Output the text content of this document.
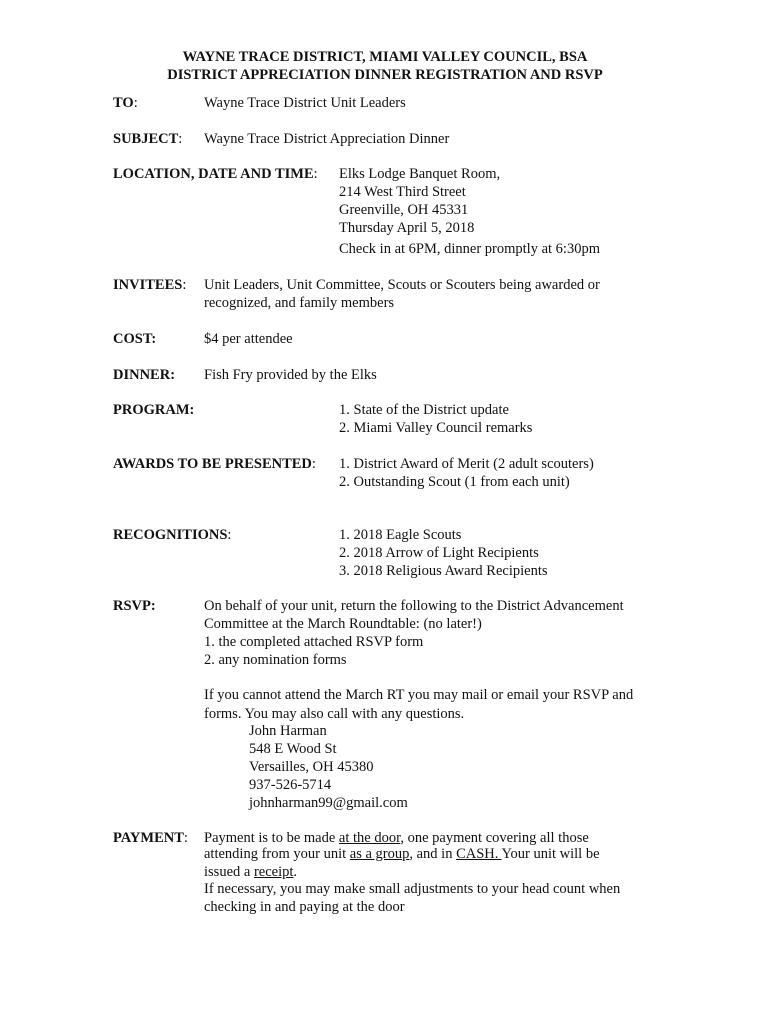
WAYNE TRACE DISTRICT, MIAMI VALLEY COUNCIL, BSA
DISTRICT APPRECIATION DINNER REGISTRATION AND RSVP
TO:	Wayne Trace District Unit Leaders
SUBJECT: Wayne Trace District Appreciation Dinner
LOCATION, DATE AND TIME: Elks Lodge Banquet Room,
214 West Third Street
Greenville, OH 45331
Thursday April 5, 2018
Check in at 6PM, dinner promptly at 6:30pm
INVITEES: Unit Leaders, Unit Committee, Scouts or Scouters being awarded or
recognized, and family members
COST:	$4 per attendee
DINNER: Fish Fry provided by the Elks
PROGRAM:	1. State of the District update
2. Miami Valley Council remarks
AWARDS TO BE PRESENTED: 1. District Award of Merit (2 adult scouters)
2. Outstanding Scout (1 from each unit)
RECOGNITIONS:	1. 2018 Eagle Scouts
2. 2018 Arrow of Light Recipients
3. 2018 Religious Award Recipients
RSVP:	On behalf of your unit, return the following to the District Advancement
Committee at the March Roundtable: (no later!)
1. the completed attached RSVP form
2. any nomination forms
If you cannot attend the March RT you may mail or email your RSVP and
forms. You may also call with any questions.
John Harman
548 E Wood St
Versailles, OH 45380
937-526-5714
johnharman99@gmail.com
PAYMENT: Payment is to be made at the door, one payment covering all those
attending from your unit as a group, and in CASH. Your unit will be
issued a receipt.
If necessary, you may make small adjustments to your head count when
checking in and paying at the door
